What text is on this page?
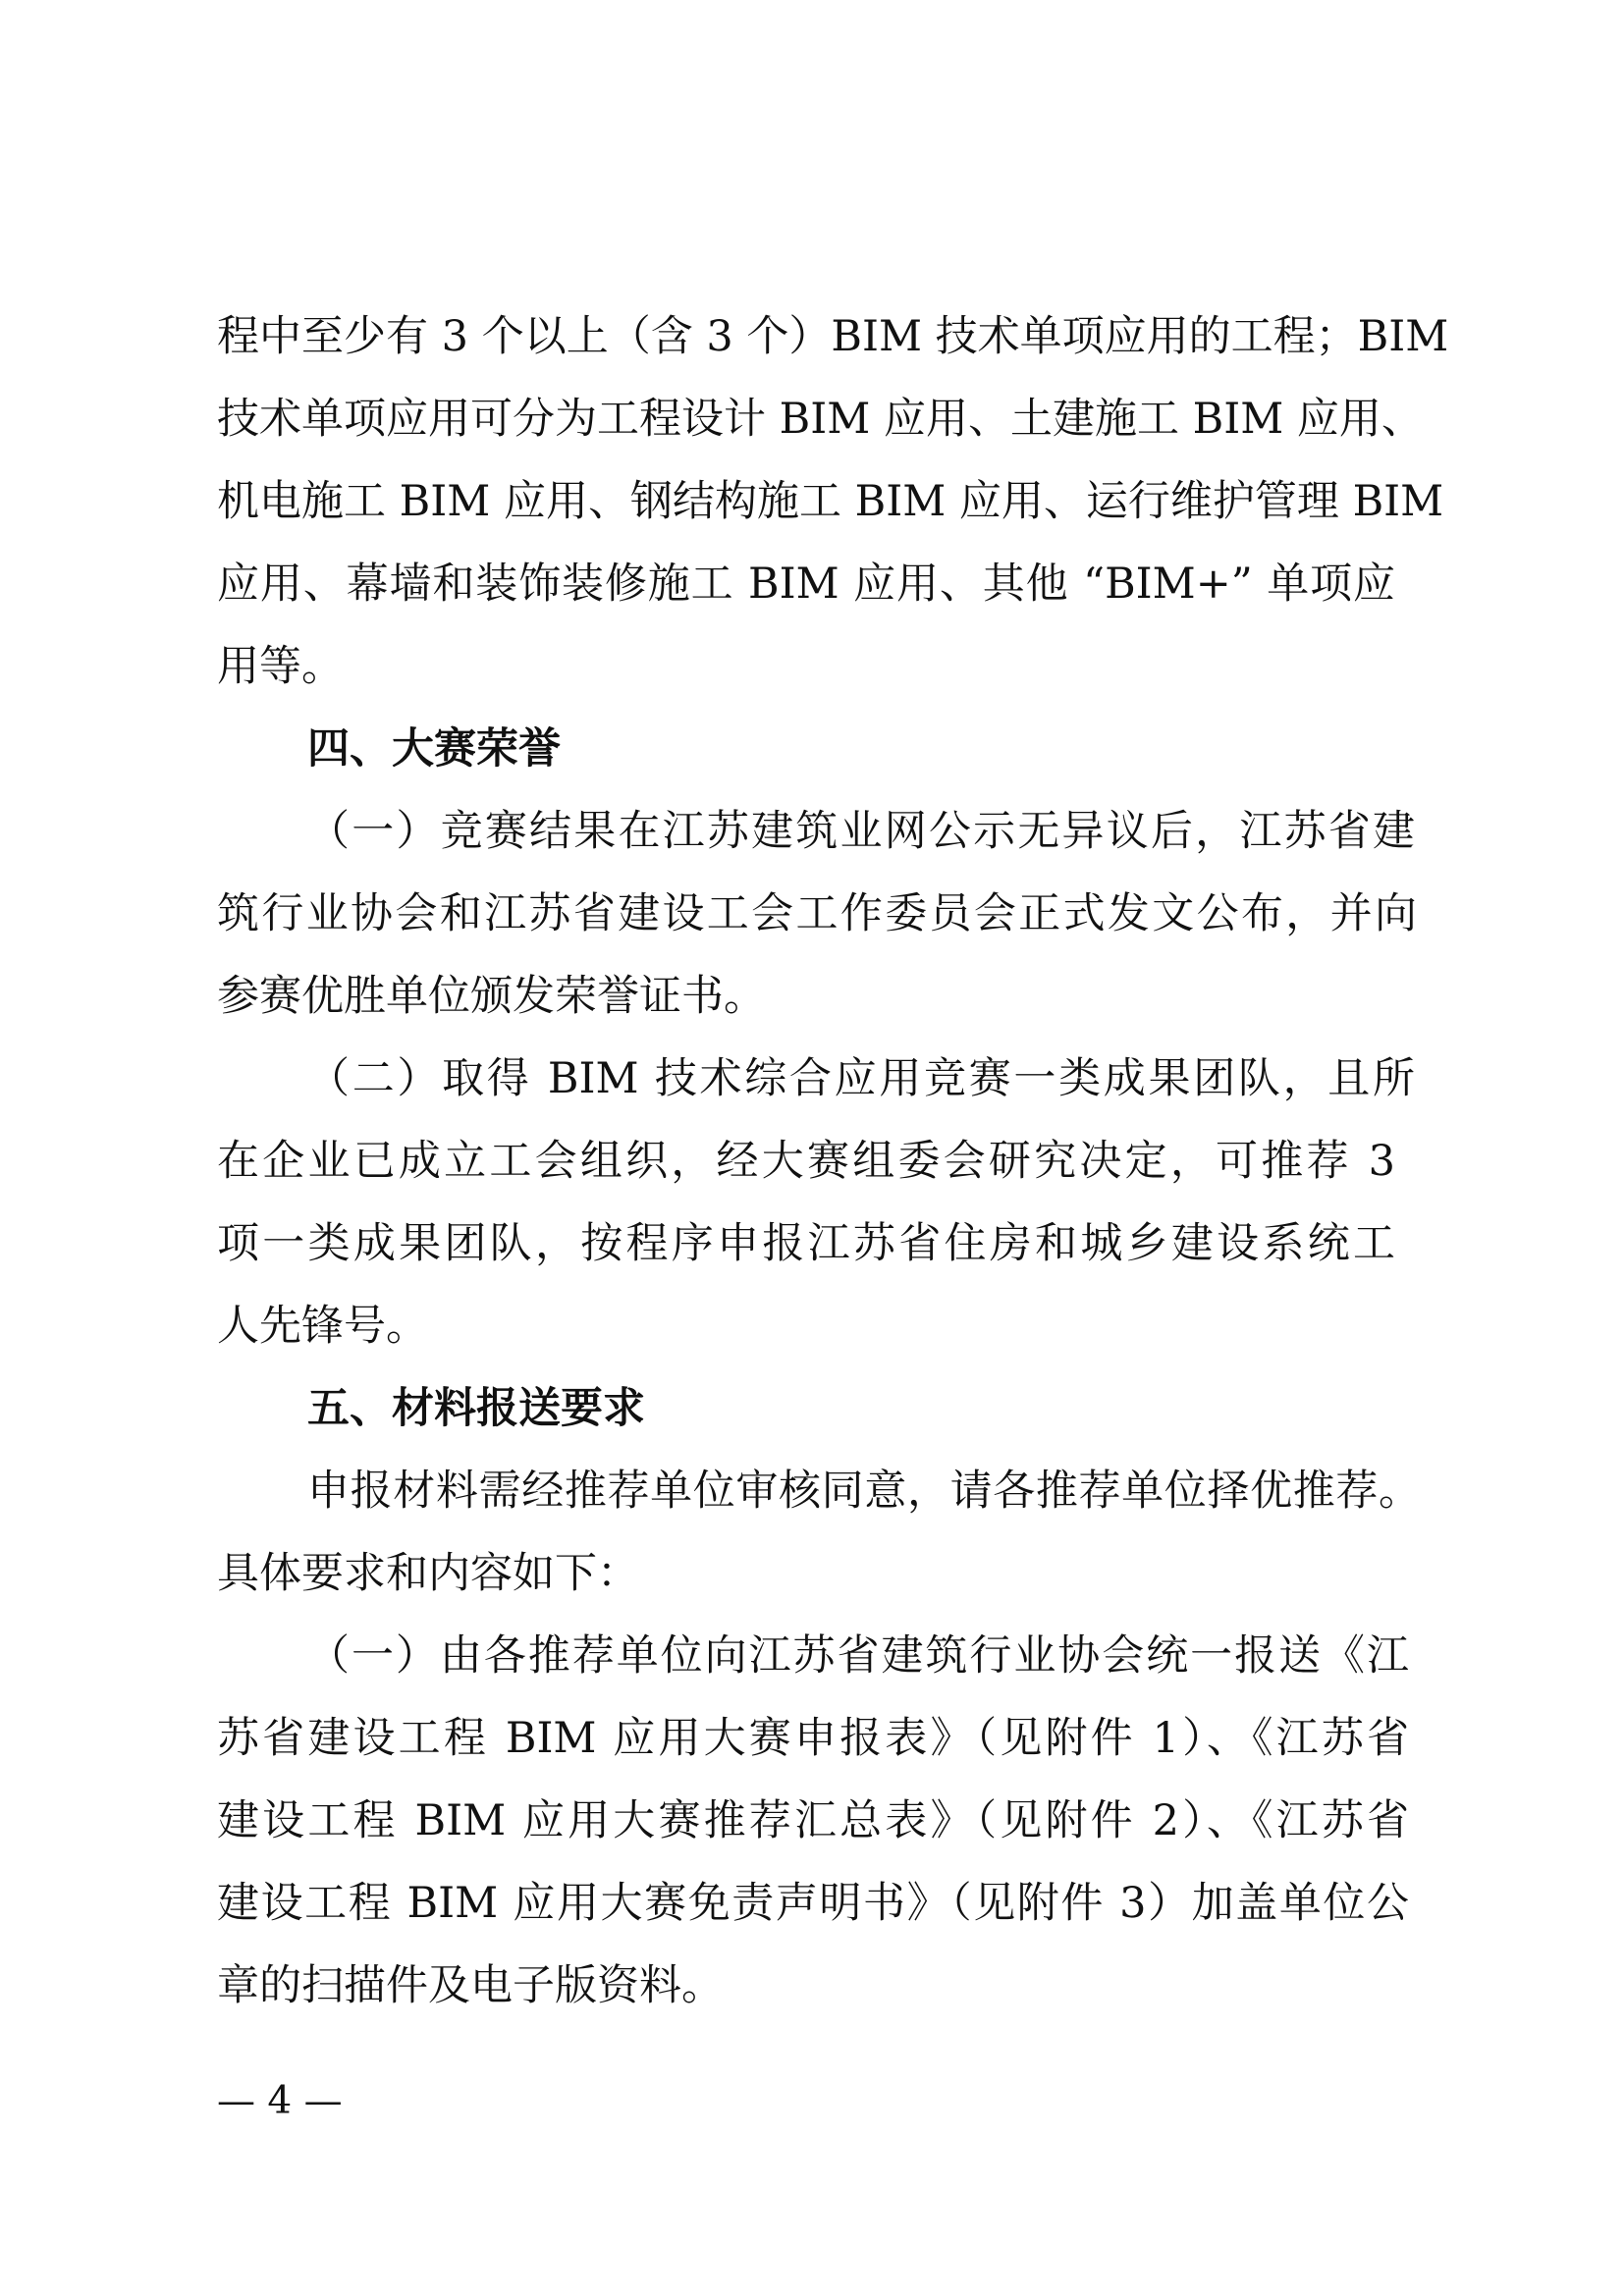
程中至少有 3 个以上（含 3 个）BIM 技术单项应用的工程；BIM
技术单项应用可分为工程设计 BIM 应用、土建施工 BIM 应用、
机电施工 BIM 应用、钢结构施工 BIM 应用、运行维护管理 BIM
应用、幕墙和装饰装修施工 BIM 应用、其他 “BIM+” 单项应
用等。
四、大赛荣誉
（一）竞赛结果在江苏建筑业网公示无异议后，江苏省建
筑行业协会和江苏省建设工会工作委员会正式发文公布，并向
参赛优胜单位颁发荣誉证书。
（二）取得 BIM 技术综合应用竞赛一类成果团队，且所
在企业已成立工会组织，经大赛组委会研究决定，可推荐 3
项一类成果团队，按程序申报江苏省住房和城乡建设系统工
人先锋号。
五、材料报送要求
申报材料需经推荐单位审核同意，请各推荐单位择优推荐。
具体要求和内容如下：
（一）由各推荐单位向江苏省建筑行业协会统一报送《江
苏省建设工程 BIM 应用大赛申报表》（见附件 1）、《江苏省
建设工程 BIM 应用大赛推荐汇总表》（见附件 2）、《江苏省
建设工程 BIM 应用大赛免责声明书》（见附件 3）加盖单位公
章的扫描件及电子版资料。
— 4 —
